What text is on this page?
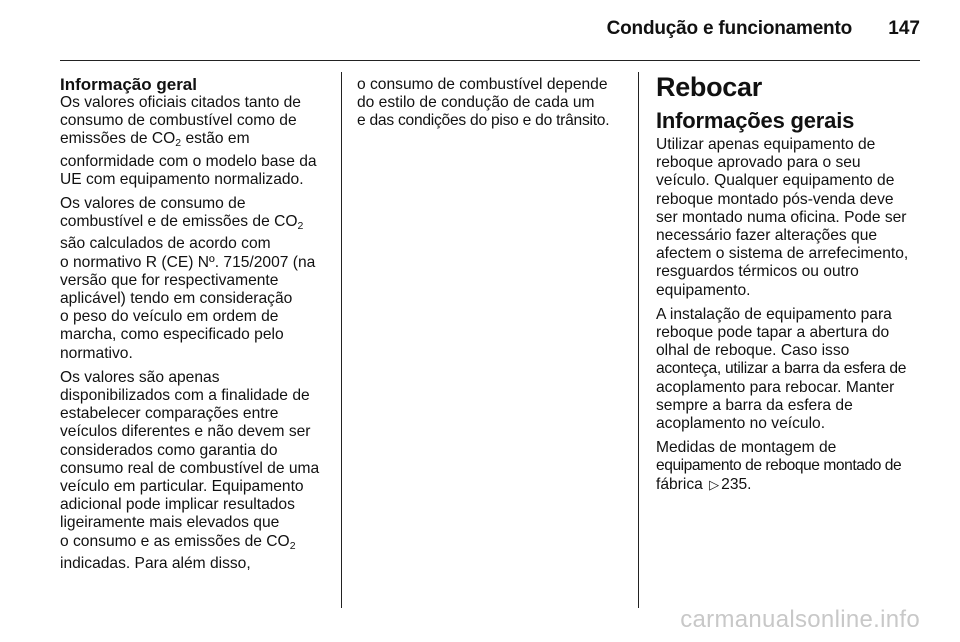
Condução e funcionamento 147
Informação geral

Os valores oficiais citados tanto de
consumo de combustível como de
emissões de $CO_2$ estão em
conformidade com o modelo base da
UE com equipamento normalizado.

Os valores de consumo de
combustível e de emissões de $CO_2$
são calculados de acordo com
o normativo R (CE) Nº. 715/2007 (na
versão que for respectivamente
aplicável) tendo em consideração
o peso do veículo em ordem de
marcha, como especificado pelo
normativo.

Os valores são apenas
disponibilizados com a finalidade de
estabelecer comparações entre
veículos diferentes e não devem ser
considerados como garantia do
consumo real de combustível de uma
veículo em particular. Equipamento
adicional pode implicar resultados
ligeiramente mais elevados que
o consumo e as emissões de $CO_2$
indicadas. Para além disso,

o consumo de combustível depende
do estilo de condução de cada um
e das condições do piso e do trânsito.

Rebocar
Informações gerais

Utilizar apenas equipamento de
reboque aprovado para o seu
veículo. Qualquer equipamento de
reboque montado pós-venda deve
ser montado numa oficina. Pode ser
necessário fazer alterações que
afectem o sistema de arrefecimento,
resguardos térmicos ou outro
equipamento.

A instalação de equipamento para
reboque pode tapar a abertura do
olhal de reboque. Caso isso
aconteça, utilizar a barra da esfera de
acoplamento para rebocar. Manter
sempre a barra da esfera de
acoplamento no veículo.

Medidas de montagem de
equipamento de reboque montado de
fábrica ▷ 235.

carmanualsonline.info
